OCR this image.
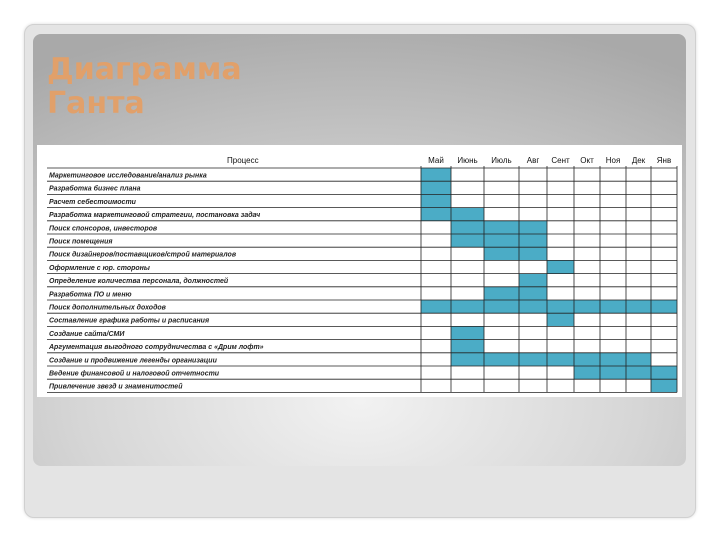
Диаграмма
Ганта
Процесс	Май Июнь Июль Авг Сент Окт Ноя Дек Янв
Маркетинговое исследование/анализ рынка
Разработка бизнес плана
Расчет себестоимости
Разработка маркетинговой стратегии, постановка задач
Поиск спонсоров, инвесторов
Поиск помещения
Поиск дизайнеров/поставщиков/строй материалов
Оформление с юр. стороны
Определение количества персонала, должностей
Разработка ПО и меню
Поиск дополнительных доходов
Составление графика работы и расписания
Создание сайта/СМИ
Аргументация выгодного сотрудничества с «Дрим лофт»
Создание и продвижение легенды организации
Ведение финансовой и налоговой отчетности
Привлечение звезд и знаменитостей
